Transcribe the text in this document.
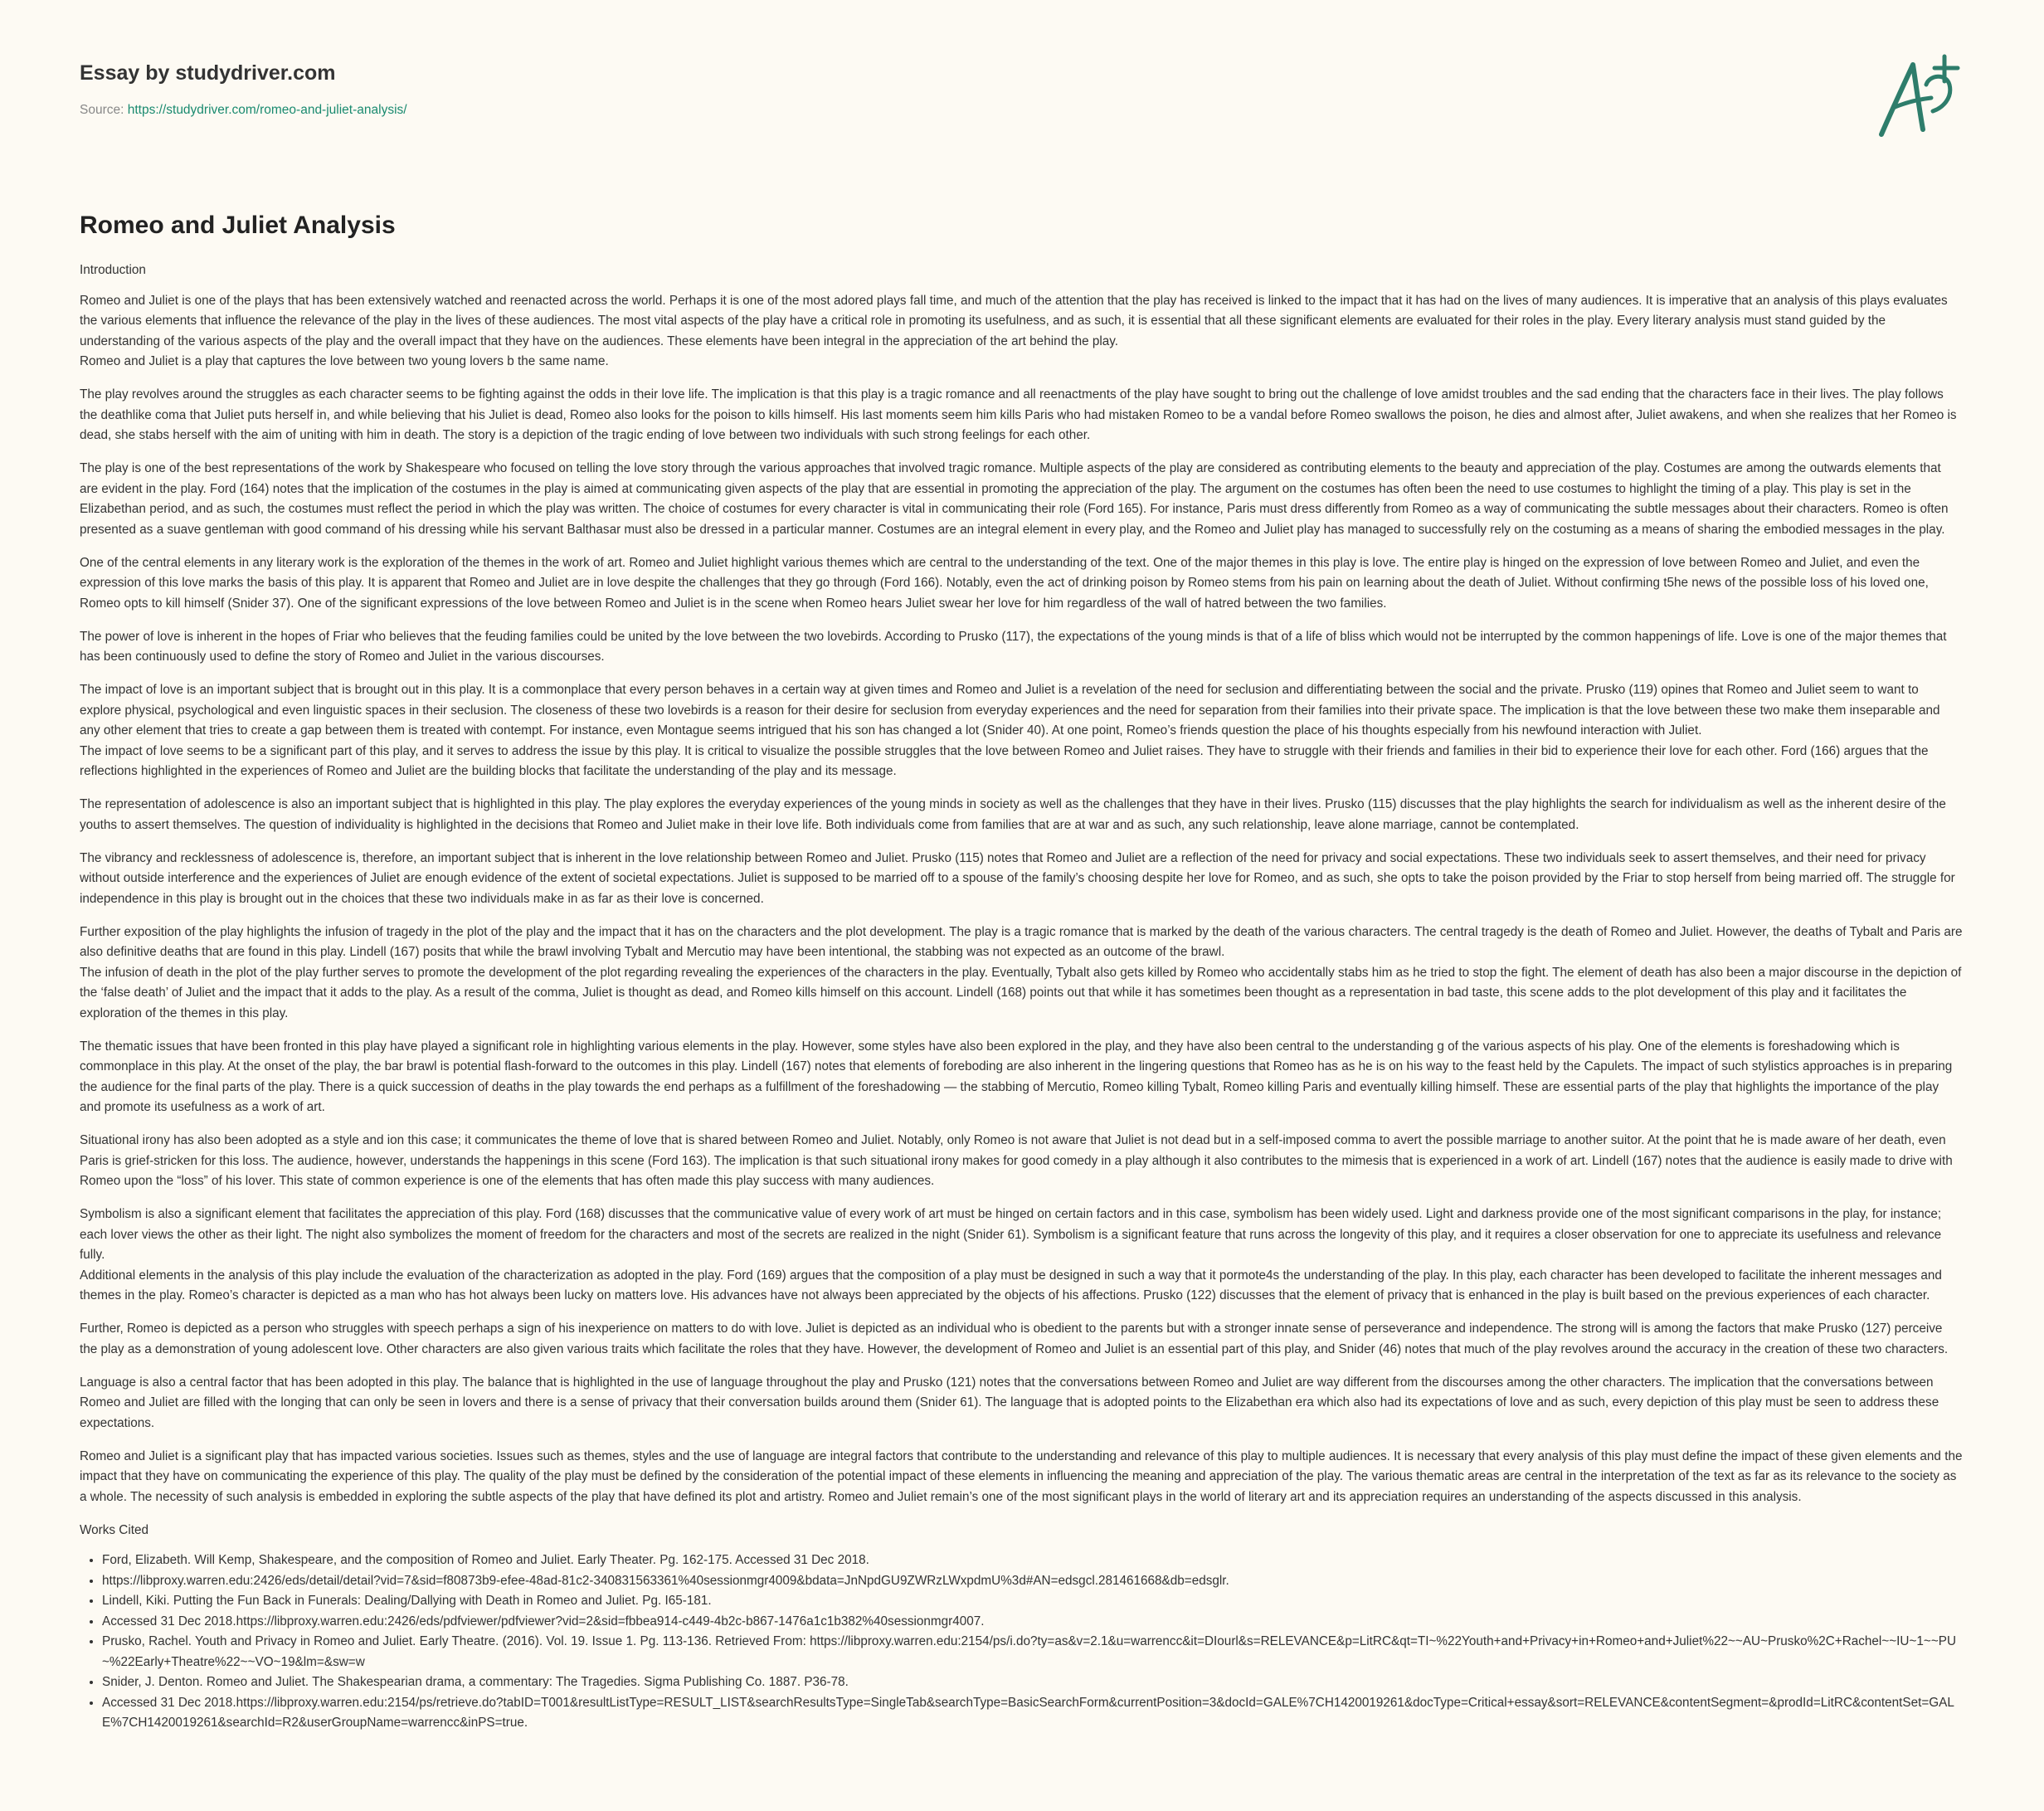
Essay by studydriver.com
Source: https://studydriver.com/romeo-and-juliet-analysis/
Romeo and Juliet Analysis

Introduction

Romeo and Juliet is one of the plays that has been extensively watched and reenacted across the world. Perhaps it is one of the most adored plays fall time, and much of the attention that the play has received is linked to the impact that it has had on the lives of many audiences. It is imperative that an analysis of this plays evaluates the various elements that influence the relevance of the play in the lives of these audiences. The most vital aspects of the play have a critical role in promoting its usefulness, and as such, it is essential that all these significant elements are evaluated for their roles in the play. Every literary analysis must stand guided by the understanding of the various aspects of the play and the overall impact that they have on the audiences. These elements have been integral in the appreciation of the art behind the play.

Romeo and Juliet is a play that captures the love between two young lovers b the same name.

The play revolves around the struggles as each character seems to be fighting against the odds in their love life. The implication is that this play is a tragic romance and all reenactments of the play have sought to bring out the challenge of love amidst troubles and the sad ending that the characters face in their lives. The play follows the deathlike coma that Juliet puts herself in, and while believing that his Juliet is dead, Romeo also looks for the poison to kills himself. His last moments seem him kills Paris who had mistaken Romeo to be a vandal before Romeo swallows the poison, he dies and almost after, Juliet awakens, and when she realizes that her Romeo is dead, she stabs herself with the aim of uniting with him in death. The story is a depiction of the tragic ending of love between two individuals with such strong feelings for each other.

The play is one of the best representations of the work by Shakespeare who focused on telling the love story through the various approaches that involved tragic romance. Multiple aspects of the play are considered as contributing elements to the beauty and appreciation of the play. Costumes are among the outwards elements that are evident in the play. Ford (164) notes that the implication of the costumes in the play is aimed at communicating given aspects of the play that are essential in promoting the appreciation of the play. The argument on the costumes has often been the need to use costumes to highlight the timing of a play. This play is set in the Elizabethan period, and as such, the costumes must reflect the period in which the play was written. The choice of costumes for every character is vital in communicating their role (Ford 165). For instance, Paris must dress differently from Romeo as a way of communicating the subtle messages about their characters. Romeo is often presented as a suave gentleman with good command of his dressing while his servant Balthasar must also be dressed in a particular manner. Costumes are an integral element in every play, and the Romeo and Juliet play has managed to successfully rely on the costuming as a means of sharing the embodied messages in the play.

One of the central elements in any literary work is the exploration of the themes in the work of art. Romeo and Juliet highlight various themes which are central to the understanding of the text. One of the major themes in this play is love. The entire play is hinged on the expression of love between Romeo and Juliet, and even the expression of this love marks the basis of this play. It is apparent that Romeo and Juliet are in love despite the challenges that they go through (Ford 166). Notably, even the act of drinking poison by Romeo stems from his pain on learning about the death of Juliet. Without confirming t5he news of the possible loss of his loved one, Romeo opts to kill himself (Snider 37). One of the significant expressions of the love between Romeo and Juliet is in the scene when Romeo hears Juliet swear her love for him regardless of the wall of hatred between the two families.

The power of love is inherent in the hopes of Friar who believes that the feuding families could be united by the love between the two lovebirds. According to Prusko (117), the expectations of the young minds is that of a life of bliss which would not be interrupted by the common happenings of life. Love is one of the major themes that has been continuously used to define the story of Romeo and Juliet in the various discourses.

The impact of love is an important subject that is brought out in this play. It is a commonplace that every person behaves in a certain way at given times and Romeo and Juliet is a revelation of the need for seclusion and differentiating between the social and the private. Prusko (119) opines that Romeo and Juliet seem to want to explore physical, psychological and even linguistic spaces in their seclusion. The closeness of these two lovebirds is a reason for their desire for seclusion from everyday experiences and the need for separation from their families into their private space. The implication is that the love between these two make them inseparable and any other element that tries to create a gap between them is treated with contempt. For instance, even Montague seems intrigued that his son has changed a lot (Snider 40). At one point, Romeo’s friends question the place of his thoughts especially from his newfound interaction with Juliet.

The impact of love seems to be a significant part of this play, and it serves to address the issue by this play. It is critical to visualize the possible struggles that the love between Romeo and Juliet raises. They have to struggle with their friends and families in their bid to experience their love for each other. Ford (166) argues that the reflections highlighted in the experiences of Romeo and Juliet are the building blocks that facilitate the understanding of the play and its message.

The representation of adolescence is also an important subject that is highlighted in this play. The play explores the everyday experiences of the young minds in society as well as the challenges that they have in their lives. Prusko (115) discusses that the play highlights the search for individualism as well as the inherent desire of the youths to assert themselves. The question of individuality is highlighted in the decisions that Romeo and Juliet make in their love life. Both individuals come from families that are at war and as such, any such relationship, leave alone marriage, cannot be contemplated.

The vibrancy and recklessness of adolescence is, therefore, an important subject that is inherent in the love relationship between Romeo and Juliet. Prusko (115) notes that Romeo and Juliet are a reflection of the need for privacy and social expectations. These two individuals seek to assert themselves, and their need for privacy without outside interference and the experiences of Juliet are enough evidence of the extent of societal expectations. Juliet is supposed to be married off to a spouse of the family’s choosing despite her love for Romeo, and as such, she opts to take the poison provided by the Friar to stop herself from being married off. The struggle for independence in this play is brought out in the choices that these two individuals make in as far as their love is concerned.

Further exposition of the play highlights the infusion of tragedy in the plot of the play and the impact that it has on the characters and the plot development. The play is a tragic romance that is marked by the death of the various characters. The central tragedy is the death of Romeo and Juliet. However, the deaths of Tybalt and Paris are also definitive deaths that are found in this play. Lindell (167) posits that while the brawl involving Tybalt and Mercutio may have been intentional, the stabbing was not expected as an outcome of the brawl.

The infusion of death in the plot of the play further serves to promote the development of the plot regarding revealing the experiences of the characters in the play. Eventually, Tybalt also gets killed by Romeo who accidentally stabs him as he tried to stop the fight. The element of death has also been a major discourse in the depiction of the ‘false death’ of Juliet and the impact that it adds to the play. As a result of the comma, Juliet is thought as dead, and Romeo kills himself on this account. Lindell (168) points out that while it has sometimes been thought as a representation in bad taste, this scene adds to the plot development of this play and it facilitates the exploration of the themes in this play.

The thematic issues that have been fronted in this play have played a significant role in highlighting various elements in the play. However, some styles have also been explored in the play, and they have also been central to the understanding g of the various aspects of his play. One of the elements is foreshadowing which is commonplace in this play. At the onset of the play, the bar brawl is potential flash-forward to the outcomes in this play. Lindell (167) notes that elements of foreboding are also inherent in the lingering questions that Romeo has as he is on his way to the feast held by the Capulets. The impact of such stylistics approaches is in preparing the audience for the final parts of the play. There is a quick succession of deaths in the play towards the end perhaps as a fulfillment of the foreshadowing — the stabbing of Mercutio, Romeo killing Tybalt, Romeo killing Paris and eventually killing himself. These are essential parts of the play that highlights the importance of the play and promote its usefulness as a work of art.

Situational irony has also been adopted as a style and ion this case; it communicates the theme of love that is shared between Romeo and Juliet. Notably, only Romeo is not aware that Juliet is not dead but in a self-imposed comma to avert the possible marriage to another suitor. At the point that he is made aware of her death, even Paris is grief-stricken for this loss. The audience, however, understands the happenings in this scene (Ford 163). The implication is that such situational irony makes for good comedy in a play although it also contributes to the mimesis that is experienced in a work of art. Lindell (167) notes that the audience is easily made to drive with Romeo upon the “loss” of his lover. This state of common experience is one of the elements that has often made this play success with many audiences.

Symbolism is also a significant element that facilitates the appreciation of this play. Ford (168) discusses that the communicative value of every work of art must be hinged on certain factors and in this case, symbolism has been widely used. Light and darkness provide one of the most significant comparisons in the play, for instance; each lover views the other as their light. The night also symbolizes the moment of freedom for the characters and most of the secrets are realized in the night (Snider 61). Symbolism is a significant feature that runs across the longevity of this play, and it requires a closer observation for one to appreciate its usefulness and relevance fully.

Additional elements in the analysis of this play include the evaluation of the characterization as adopted in the play. Ford (169) argues that the composition of a play must be designed in such a way that it pormote4s the understanding of the play. In this play, each character has been developed to facilitate the inherent messages and themes in the play. Romeo’s character is depicted as a man who has hot always been lucky on matters love. His advances have not always been appreciated by the objects of his affections. Prusko (122) discusses that the element of privacy that is enhanced in the play is built based on the previous experiences of each character.

Further, Romeo is depicted as a person who struggles with speech perhaps a sign of his inexperience on matters to do with love. Juliet is depicted as an individual who is obedient to the parents but with a stronger innate sense of perseverance and independence. The strong will is among the factors that make Prusko (127) perceive the play as a demonstration of young adolescent love. Other characters are also given various traits which facilitate the roles that they have. However, the development of Romeo and Juliet is an essential part of this play, and Snider (46) notes that much of the play revolves around the accuracy in the creation of these two characters.

Language is also a central factor that has been adopted in this play. The balance that is highlighted in the use of language throughout the play and Prusko (121) notes that the conversations between Romeo and Juliet are way different from the discourses among the other characters. The implication that the conversations between Romeo and Juliet are filled with the longing that can only be seen in lovers and there is a sense of privacy that their conversation builds around them (Snider 61). The language that is adopted points to the Elizabethan era which also had its expectations of love and as such, every depiction of this play must be seen to address these expectations.

Romeo and Juliet is a significant play that has impacted various societies. Issues such as themes, styles and the use of language are integral factors that contribute to the understanding and relevance of this play to multiple audiences. It is necessary that every analysis of this play must define the impact of these given elements and the impact that they have on communicating the experience of this play. The quality of the play must be defined by the consideration of the potential impact of these elements in influencing the meaning and appreciation of the play. The various thematic areas are central in the interpretation of the text as far as its relevance to the society as a whole. The necessity of such analysis is embedded in exploring the subtle aspects of the play that have defined its plot and artistry. Romeo and Juliet remain’s one of the most significant plays in the world of literary art and its appreciation requires an understanding of the aspects discussed in this analysis.

Works Cited

• Ford, Elizabeth. Will Kemp, Shakespeare, and the composition of Romeo and Juliet. Early Theater. Pg. 162-175. Accessed 31 Dec 2018.
• https://libproxy.warren.edu:2426/eds/detail/detail?vid=7&sid=f80873b9-efee-48ad-81c2-340831563361%40sessionmgr4009&bdata=JnNpdGU9ZWRzLWxpdmU%3d#AN=edsgcl.281461668&db=edsglr.
• Lindell, Kiki. Putting the Fun Back in Funerals: Dealing/Dallying with Death in Romeo and Juliet. Pg. I65-181.
• Accessed 31 Dec 2018.https://libproxy.warren.edu:2426/eds/pdfviewer/pdfviewer?vid=2&sid=fbbea914-c449-4b2c-b867-1476a1c1b382%40sessionmgr4007.
• Prusko, Rachel. Youth and Privacy in Romeo and Juliet. Early Theatre. (2016). Vol. 19. Issue 1. Pg. 113-136. Retrieved From: https://libproxy.warren.edu:2154/ps/i.do?ty=as&v=2.1&u=warrencc&it=DIourl&s=RELEVANCE&p=LitRC&qt=TI~%22Youth+and+Privacy+in+Romeo+and+Juliet%22~~AU~Prusko%2C+Rachel~~IU~1~~PU~%22Early+Theatre%22~~VO~19&lm=&sw=w
• Snider, J. Denton. Romeo and Juliet. The Shakespearian drama, a commentary: The Tragedies. Sigma Publishing Co. 1887. P36-78.
• Accessed 31 Dec 2018.https://libproxy.warren.edu:2154/ps/retrieve.do?tabID=T001&resultListType=RESULT_LIST&searchResultsType=SingleTab&searchType=BasicSearchForm&currentPosition=3&docId=GALE%7CH1420019261&docType=Critical+essay&sort=RELEVANCE&contentSegment=&prodId=LitRC&contentSet=GALE%7CH1420019261&searchId=R2&userGroupName=warrencc&inPS=true.
